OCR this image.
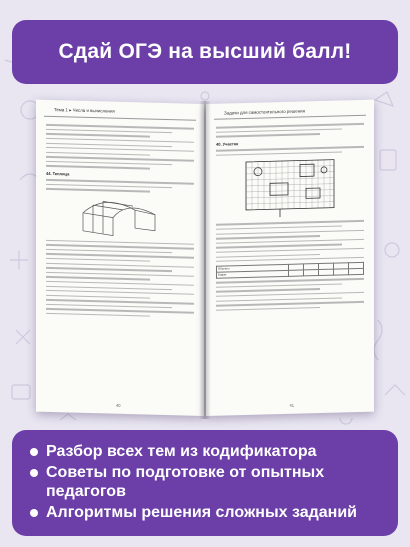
Сдай ОГЭ на высший балл!
Тема 1 ▸ Числа и вычисления
44. Теплица
40
Задачи для самостоятельного решения
40. Участок
Объекты					
Бифит					
41
Разбор всех тем из кодификатора
Советы по подготовке от опытных педагогов
Алгоритмы решения сложных заданий
